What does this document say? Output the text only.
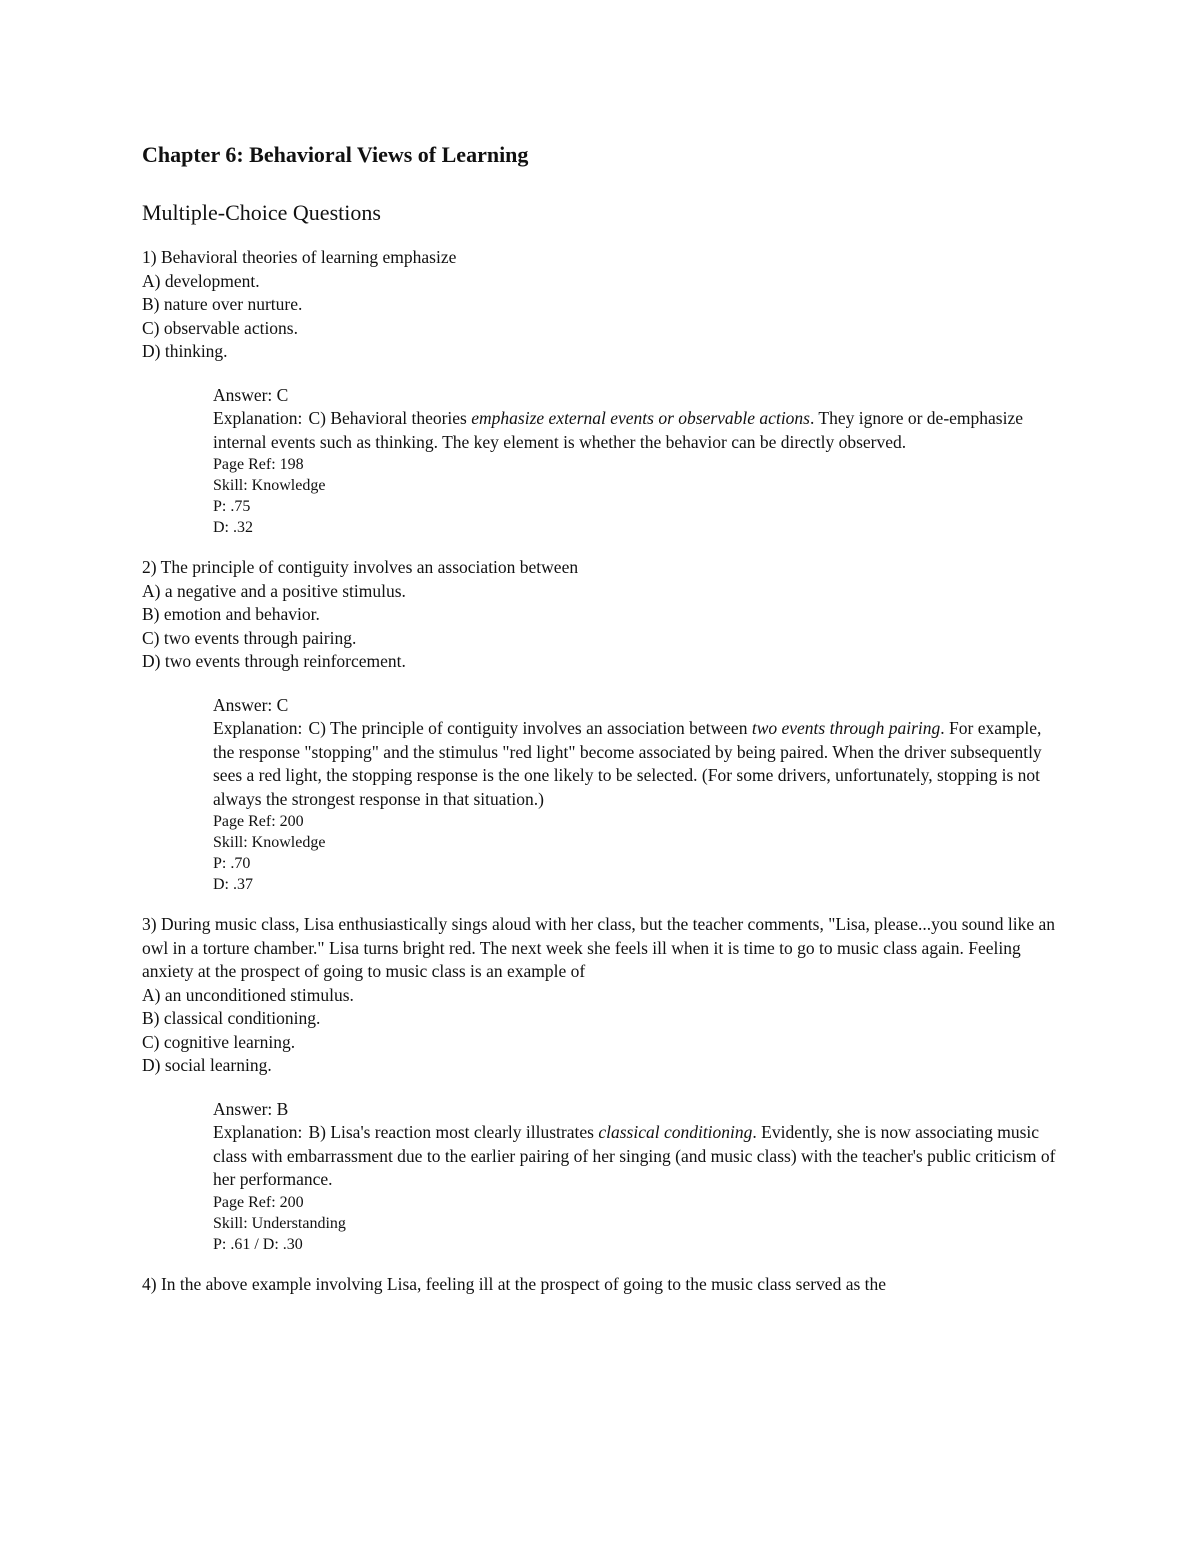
Chapter 6: Behavioral Views of Learning
Multiple-Choice Questions

1) Behavioral theories of learning emphasize

A) development.

B) nature over nurture.

C) observable actions.

D) thinking.

Answer: C

Explanation: C) Behavioral theories emphasize external events or observable actions. They ignore or de-emphasize internal events such as thinking. The key element is whether the behavior can be directly observed.

Page Ref: 198

Skill: Knowledge

P: .75

D: .32

2) The principle of contiguity involves an association between

A) a negative and a positive stimulus.

B) emotion and behavior.

C) two events through pairing.

D) two events through reinforcement.

Answer: C

Explanation: C) The principle of contiguity involves an association between two events through pairing. For example, the response "stopping" and the stimulus "red light" become associated by being paired. When the driver subsequently sees a red light, the stopping response is the one likely to be selected. (For some drivers, unfortunately, stopping is not always the strongest response in that situation.)

Page Ref: 200

Skill: Knowledge

P: .70

D: .37

3) During music class, Lisa enthusiastically sings aloud with her class, but the teacher comments, "Lisa, please...you sound like an owl in a torture chamber." Lisa turns bright red. The next week she feels ill when it is time to go to music class again. Feeling anxiety at the prospect of going to music class is an example of

A) an unconditioned stimulus.

B) classical conditioning.

C) cognitive learning.

D) social learning.

Answer: B

Explanation: B) Lisa's reaction most clearly illustrates classical conditioning. Evidently, she is now associating music class with embarrassment due to the earlier pairing of her singing (and music class) with the teacher's public criticism of her performance.

Page Ref: 200

Skill: Understanding

P: .61 / D: .30

4) In the above example involving Lisa, feeling ill at the prospect of going to the music class served as the
